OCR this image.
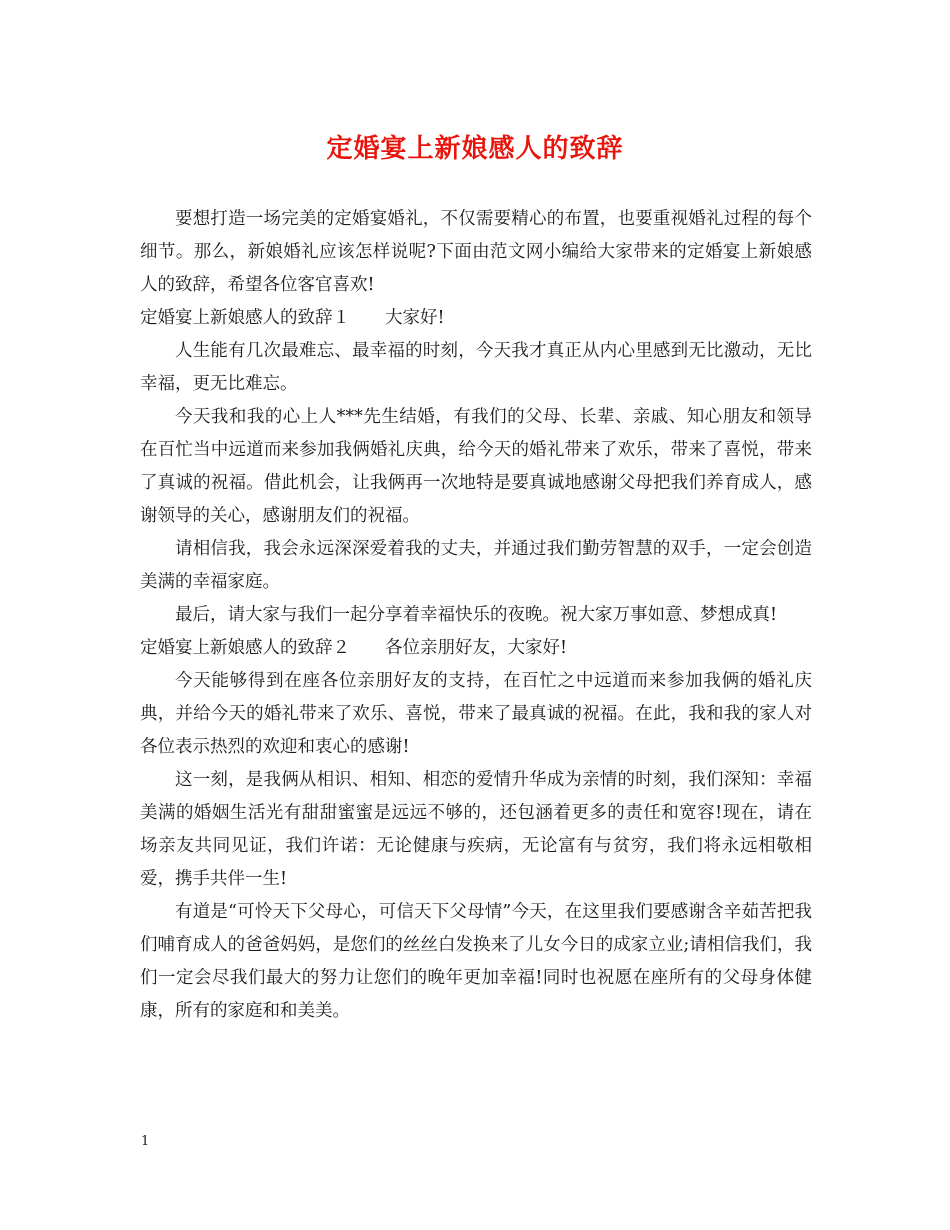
定婚宴上新娘感人的致辞

要想打造一场完美的定婚宴婚礼，不仅需要精心的布置，也要重视婚礼过程的每个细节。那么，新娘婚礼应该怎样说呢?下面由范文网小编给大家带来的定婚宴上新娘感人的致辞，希望各位客官喜欢!

定婚宴上新娘感人的致辞１　　大家好!

人生能有几次最难忘、最幸福的时刻，今天我才真正从内心里感到无比激动，无比幸福，更无比难忘。

今天我和我的心上人***先生结婚，有我们的父母、长辈、亲戚、知心朋友和领导在百忙当中远道而来参加我俩婚礼庆典，给今天的婚礼带来了欢乐，带来了喜悦，带来了真诚的祝福。借此机会，让我俩再一次地特是要真诚地感谢父母把我们养育成人，感谢领导的关心，感谢朋友们的祝福。

请相信我，我会永远深深爱着我的丈夫，并通过我们勤劳智慧的双手，一定会创造美满的幸福家庭。

最后，请大家与我们一起分享着幸福快乐的夜晚。祝大家万事如意、梦想成真!

定婚宴上新娘感人的致辞２　　各位亲朋好友，大家好!

今天能够得到在座各位亲朋好友的支持，在百忙之中远道而来参加我俩的婚礼庆典，并给今天的婚礼带来了欢乐、喜悦，带来了最真诚的祝福。在此，我和我的家人对各位表示热烈的欢迎和衷心的感谢!

这一刻，是我俩从相识、相知、相恋的爱情升华成为亲情的时刻，我们深知：幸福美满的婚姻生活光有甜甜蜜蜜是远远不够的，还包涵着更多的责任和宽容!现在，请在场亲友共同见证，我们许诺：无论健康与疾病，无论富有与贫穷，我们将永远相敬相爱，携手共伴一生!

有道是“可怜天下父母心，可信天下父母情”今天，在这里我们要感谢含辛茹苦把我们哺育成人的爸爸妈妈，是您们的丝丝白发换来了儿女今日的成家立业;请相信我们，我们一定会尽我们最大的努力让您们的晚年更加幸福!同时也祝愿在座所有的父母身体健康，所有的家庭和和美美。

1
